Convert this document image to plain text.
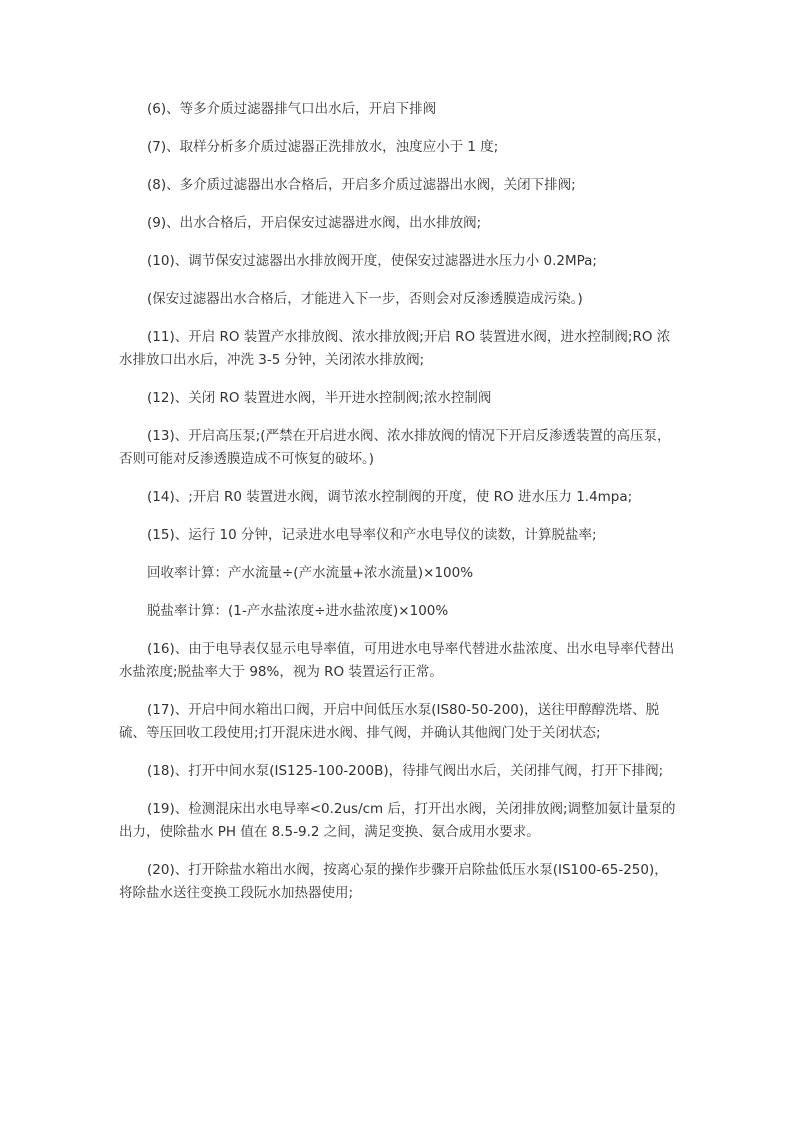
(6)、等多介质过滤器排气口出水后，开启下排阀

(7)、取样分析多介质过滤器正洗排放水，浊度应小于 1 度;

(8)、多介质过滤器出水合格后，开启多介质过滤器出水阀，关闭下排阀;

(9)、出水合格后，开启保安过滤器进水阀，出水排放阀;

(10)、调节保安过滤器出水排放阀开度，使保安过滤器进水压力小 0.2MPa;

(保安过滤器出水合格后，才能进入下一步，否则会对反渗透膜造成污染。)

(11)、开启 RO 装置产水排放阀、浓水排放阀;开启 RO 装置进水阀，进水控制阀;RO 浓水排放口出水后，冲洗 3-5 分钟，关闭浓水排放阀;

(12)、关闭 RO 装置进水阀，半开进水控制阀;浓水控制阀

(13)、开启高压泵;(严禁在开启进水阀、浓水排放阀的情况下开启反渗透装置的高压泵，否则可能对反渗透膜造成不可恢复的破坏。)

(14)、;开启 R0 装置进水阀，调节浓水控制阀的开度，使 RO 进水压力 1.4mpa;

(15)、运行 10 分钟，记录进水电导率仪和产水电导仪的读数，计算脱盐率;

回收率计算：产水流量÷(产水流量+浓水流量)×100%

脱盐率计算：(1-产水盐浓度÷进水盐浓度)×100%

(16)、由于电导表仅显示电导率值，可用进水电导率代替进水盐浓度、出水电导率代替出水盐浓度;脱盐率大于 98%，视为 RO 装置运行正常。

(17)、开启中间水箱出口阀，开启中间低压水泵(IS80-50-200)，送往甲醇醇洗塔、脱硫、等压回收工段使用;打开混床进水阀、排气阀，并确认其他阀门处于关闭状态;

(18)、打开中间水泵(IS125-100-200B)，待排气阀出水后，关闭排气阀，打开下排阀;

(19)、检测混床出水电导率<0.2us/cm 后，打开出水阀，关闭排放阀;调整加氨计量泵的出力，使除盐水 PH 值在 8.5-9.2 之间，满足变换、氨合成用水要求。

(20)、打开除盐水箱出水阀，按离心泵的操作步骤开启除盐低压水泵(IS100-65-250)，将除盐水送往变换工段阮水加热器使用;
